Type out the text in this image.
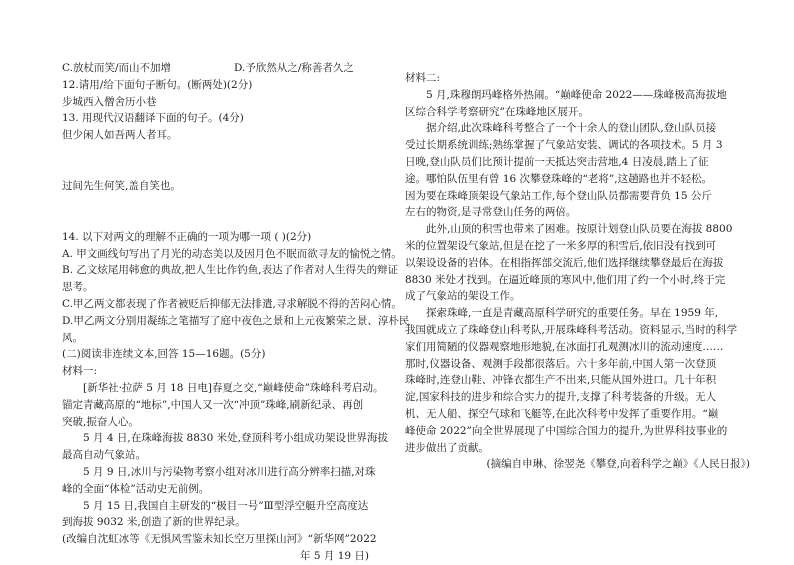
C.放杖而笑/而山不加增	D.予欣然从之/称善者久之

12.请用/给下面句子断句。(断两处)(2分)

步城西入僧舍历小巷

13. 用现代汉语翻译下面的句子。(4分)

但少闲人如吾两人者耳。

过间先生何笑,盖自笑也。

14. 以下对两文的理解不正确的一项为哪一项 ( )(2分)

A. 甲文画线句写出了月光的动态美以及因月色不眠而欲寻友的愉悦之情。

B. 乙文炫尾用韩愈的典故,把人生比作钓鱼,表达了作者对人生得失的辩证

思考。

C.甲乙两文都表现了作者被贬后抑郁无法排遣,寻求解脱不得的苦闷心情。

D.甲乙两文分别用凝练之笔描写了庭中夜色之景和上元夜繁荣之景、淳朴民

风。

(二)阅读非连续文本,回答 15—16题。(5分)

材料一:

[新华社·拉萨 5 月 18 日电]春夏之交,“巅峰使命”珠峰科考启动。

锚定青藏高原的“地标”,中国人又一次“冲顶”珠峰,刷新纪录、再创

突破,振奋人心。

5 月 4 日,在珠峰海拔 8830 米处,登顶科考小组成功架设世界海拔

最高自动气象站。

5 月 9 日,冰川与污染物考察小组对冰川进行高分辨率扫描,对珠

峰的全面“体检”活动史无前例。

5 月 15 日,我国自主研发的“极目一号”Ⅲ型浮空艇升空高度达

到海拔 9032 米,创造了新的世界纪录。

(改编自沈虹冰等《无惧风雪鉴未知长空万里探山河》“新华网”2022

年 5 月 19 日)

材料二:

5 月,珠穆朗玛峰格外热闹。“巅峰使命 2022——珠峰极高海拔地

区综合科学考察研究”在珠峰地区展开。

据介绍,此次珠峰科考整合了一个十余人的登山团队,登山队员接

受过长期系统训练;熟练掌握了气象站安装、调试的各项技术。5 月 3

日晚,登山队员们比预计提前一天抵达突击营地,4 日凌晨,踏上了征

途。哪怕队伍里有曾 16 次攀登珠峰的“老将”,这趟路也并不轻松。

因为要在珠峰顶架设气象站工作,每个登山队员都需要背负 15 公斤

左右的物资,是寻常登山任务的两倍。

此外,山顶的积雪也带来了困难。按原计划登山队员要在海拔 8800

米的位置架设气象站,但是在挖了一米多厚的积雪后,依旧没有找到可

以架设设备的岩体。在相指挥部交流后,他们选择继续攀登最后在海拔

8830 米处才找到。在逼近峰顶的寒风中,他们用了约一个小时,终于完

成了气象站的架设工作。

探索珠峰,一直是青藏高原科学研究的重要任务。早在 1959 年,

我国就成立了珠峰登山科考队,开展珠峰科考活动。资料显示,当时的科学

家们用简陋的仪器观察地形地貌,在冰面打孔观测冰川的流动速度……

那时,仪器设备、观测手段都很落后。六十多年前,中国人第一次登顶

珠峰时,连登山鞋、冲锋衣都生产不出来,只能从国外进口。几十年积

淀,国家科技的进步和综合实力的提升,支撑了科考装备的升级。无人

机、无人船、探空气球和飞艇等,在此次科考中发挥了重要作用。“巅

峰使命 2022”向全世界展现了中国综合国力的提升,为世界科技事业的

进步做出了贡献。

(摘编自申琳、徐翌尧《攀登,向着科学之巅》《人民日报》)
